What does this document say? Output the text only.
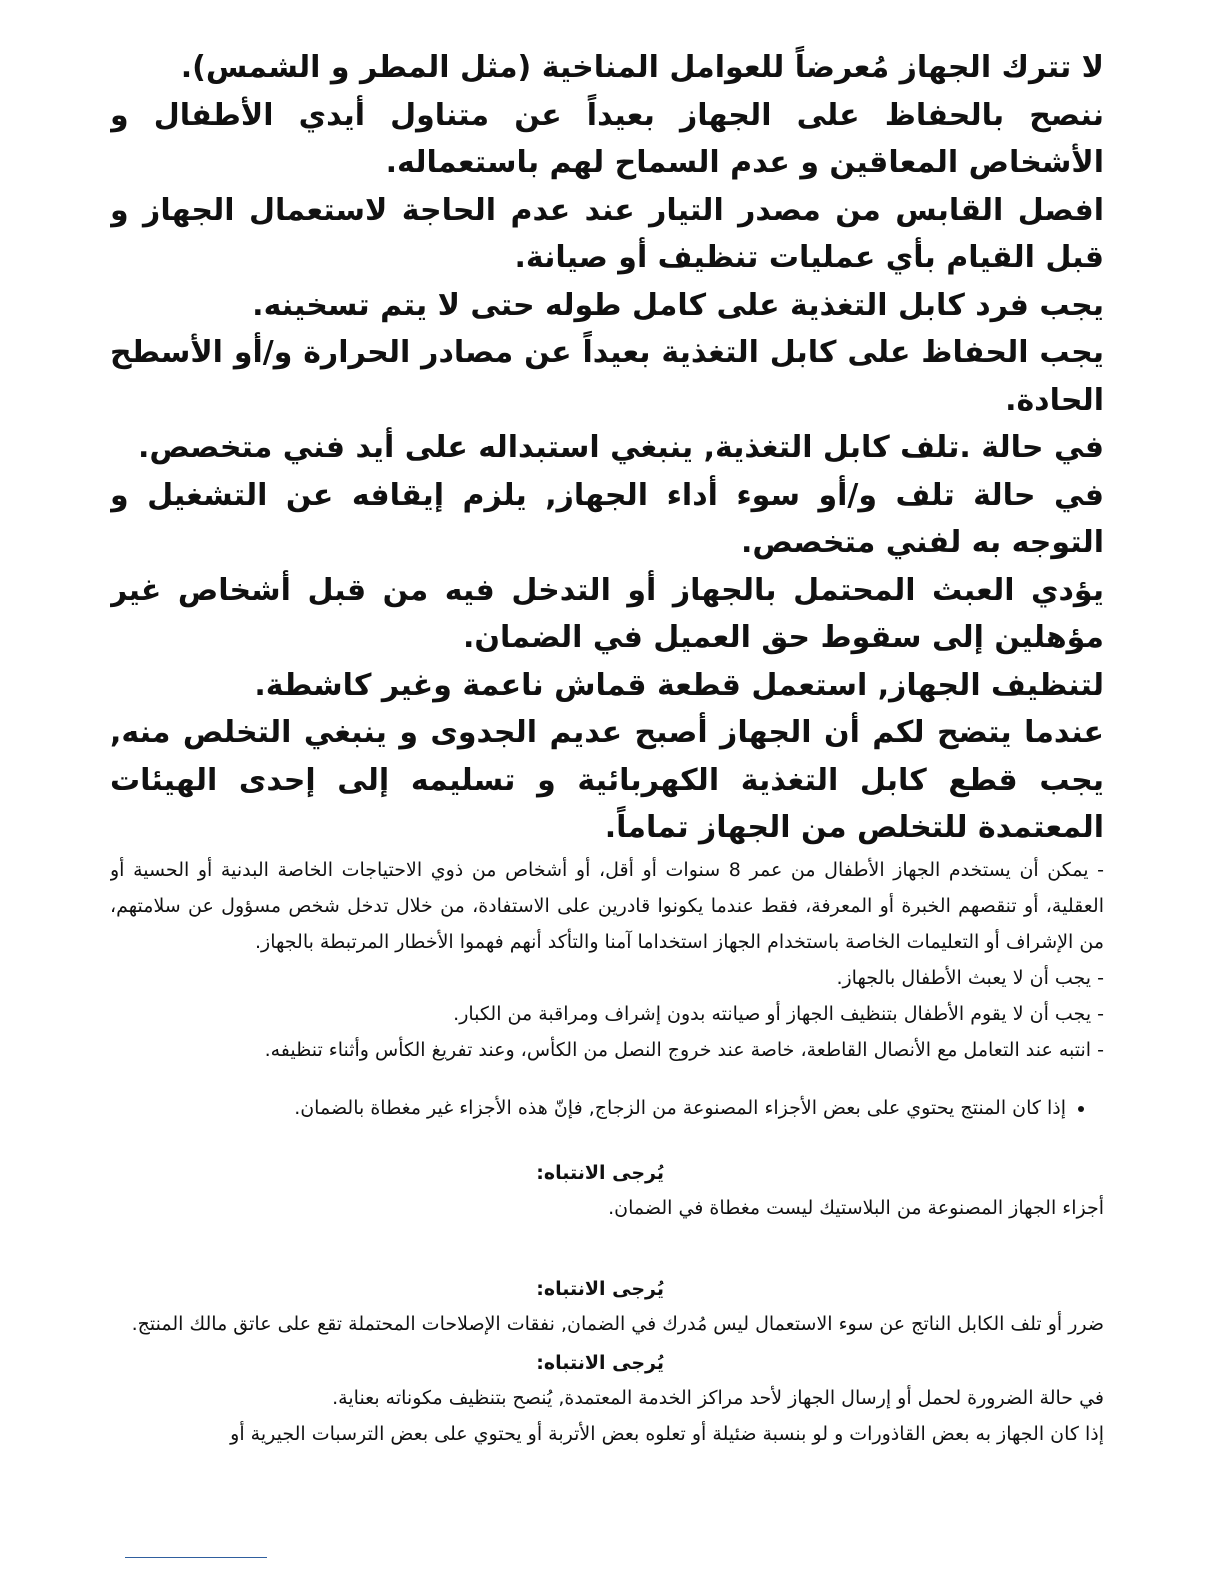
لا تترك الجهاز مُعرضاً للعوامل المناخية (مثل المطر و الشمس).

ننصح بالحفاظ على الجهاز بعيداً عن متناول أيدي الأطفال و الأشخاص المعاقين و عدم السماح لهم باستعماله.

افصل القابس من مصدر التيار عند عدم الحاجة لاستعمال الجهاز و قبل القيام بأي عمليات تنظيف أو صيانة.

يجب فرد كابل التغذية على كامل طوله حتى لا يتم تسخينه.

يجب الحفاظ على كابل التغذية بعيداً عن مصادر الحرارة و/أو الأسطح الحادة.

في حالة .تلف كابل التغذية, ينبغي استبداله على أيد فني متخصص.

في حالة تلف و/أو سوء أداء الجهاز, يلزم إيقافه عن التشغيل و التوجه به لفني متخصص.

يؤدي العبث المحتمل بالجهاز أو التدخل فيه من قبل أشخاص غير مؤهلين إلى سقوط حق العميل في الضمان.

لتنظيف الجهاز, استعمل قطعة قماش ناعمة وغير كاشطة.

عندما يتضح لكم أن الجهاز أصبح عديم الجدوى و ينبغي التخلص منه, يجب قطع كابل التغذية الكهربائية و تسليمه إلى إحدى الهيئات المعتمدة للتخلص من الجهاز تماماً.

- يمكن أن يستخدم الجهاز الأطفال من عمر 8 سنوات أو أقل، أو أشخاص من ذوي الاحتياجات الخاصة البدنية أو الحسية أو العقلية، أو تنقصهم الخبرة أو المعرفة، فقط عندما يكونوا قادرين على الاستفادة، من خلال تدخل شخص مسؤول عن سلامتهم، من الإشراف أو التعليمات الخاصة باستخدام الجهاز استخداما آمنا والتأكد أنهم فهموا الأخطار المرتبطة بالجهاز.

- يجب أن لا يعبث الأطفال بالجهاز.

- يجب أن لا يقوم الأطفال بتنظيف الجهاز أو صيانته بدون إشراف ومراقبة من الكبار.

- انتبه عند التعامل مع الأنصال القاطعة، خاصة عند خروج النصل من الكأس، وعند تفريغ الكأس وأثناء تنظيفه.

• إذا كان المنتج يحتوي على بعض الأجزاء المصنوعة من الزجاج, فإنّ هذه الأجزاء غير مغطاة بالضمان.

يُرجى الانتباه:

أجزاء الجهاز المصنوعة من البلاستيك ليست مغطاة في الضمان.

يُرجى الانتباه:

ضرر أو تلف الكابل الناتج عن سوء الاستعمال ليس مُدرك في الضمان, نفقات الإصلاحات المحتملة تقع على عاتق مالك المنتج.

يُرجى الانتباه:

في حالة الضرورة لحمل أو إرسال الجهاز لأحد مراكز الخدمة المعتمدة, يُنصح بتنظيف مكوناته بعناية.

إذا كان الجهاز به بعض القاذورات و لو بنسبة ضئيلة أو تعلوه بعض الأتربة أو يحتوي على بعض الترسبات الجيرية أو
